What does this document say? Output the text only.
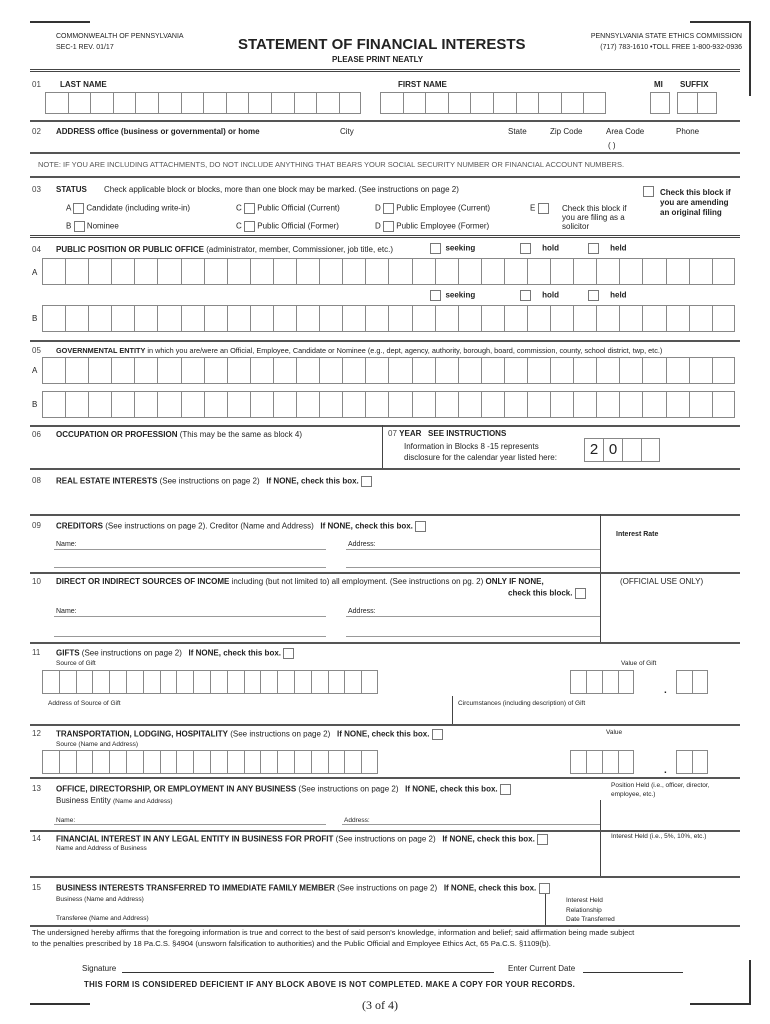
COMMONWEALTH OF PENNSYLVANIA
SEC-1 REV. 01/17	STATEMENT OF FINANCIAL INTERESTS
PLEASE PRINT NEATLY
PENNSYLVANIA STATE ETHICS COMMISSION
(717) 783-1610 •TOLL FREE 1-800-932-0936
01 LAST NAME	FIRST NAME	MI SUFFIX
02 ADDRESS office (business or governmental) or home	City	State	Zip Code	Area Code	Phone
( )
NOTE: IF YOU ARE INCLUDING ATTACHMENTS, DO NOT INCLUDE ANYTHING THAT BEARS YOUR SOCIAL SECURITY NUMBER OR FINANCIAL ACCOUNT NUMBERS.
03 STATUS Check applicable block or blocks, more than one block may be marked. (See instructions on page 2)
A Candidate (including write-in)
B Nominee
C Public Official (Current)
C Public Official (Former)
D Public Employee (Current)
D Public Employee (Former)
E	Check this block if you are filing as a solicitor
Check this block if you are amending an original filing
04 PUBLIC POSITION OR PUBLIC OFFICE (administrator, member, Commissioner, job title, etc.)	seeking	hold	held
A
seeking	hold	held
B
05 GOVERNMENTAL ENTITY in which you are/were an Official, Employee, Candidate or Nominee (e.g., dept, agency, authority, borough, board, commission, county, school district, twp, etc.)
A
B
06 OCCUPATION OR PROFESSION (This may be the same as block 4)	07 YEAR SEE INSTRUCTIONS
Information in Blocks 8 -15 represents
disclosure for the calendar year listed here:	2 0
08 REAL ESTATE INTERESTS (See instructions on page 2) If NONE, check this box.
09 CREDITORS (See instructions on page 2). Creditor (Name and Address) If NONE, check this box.
Interest Rate
Name:	Address:
10 DIRECT OR INDIRECT SOURCES OF INCOME including (but not limited to) all employment. (See instructions on pg. 2) ONLY IF NONE,
check this block.
(OFFICIAL USE ONLY)
Name:	Address:
11 GIFTS (See instructions on page 2) If NONE, check this box.
Source of Gift	Value of Gift
.
Address of Source of Gift	Circumstances (including description) of Gift
12 TRANSPORTATION, LODGING, HOSPITALITY (See instructions on page 2) If NONE, check this box.	Value
Source (Name and Address)
.
13 OFFICE, DIRECTORSHIP, OR EMPLOYMENT IN ANY BUSINESS (See instructions on page 2) If NONE, check this box.
Business Entity (Name and Address)
Position Held (i.e., officer, director,
employee, etc.)
Name:	Address:
14 FINANCIAL INTEREST IN ANY LEGAL ENTITY IN BUSINESS FOR PROFIT (See instructions on page 2) If NONE, check this box.	Interest Held (i.e., 5%, 10%, etc.)
Name and Address of Business
15 BUSINESS INTERESTS TRANSFERRED TO IMMEDIATE FAMILY MEMBER (See instructions on page 2) If NONE, check this box.
Business (Name and Address)
Transferee (Name and Address)
Interest Held
Relationship
Date Transferred
The undersigned hereby affirms that the foregoing information is true and correct to the best of said person's knowledge, information and belief; said affirmation being made subject
to the penalties prescribed by 18 Pa.C.S. §4904 (unsworn falsification to authorities) and the Public Official and Employee Ethics Act, 65 Pa.C.S. §1109(b).
Signature	Enter Current Date
THIS FORM IS CONSIDERED DEFICIENT IF ANY BLOCK ABOVE IS NOT COMPLETED. MAKE A COPY FOR YOUR RECORDS.
(3 of 4)
